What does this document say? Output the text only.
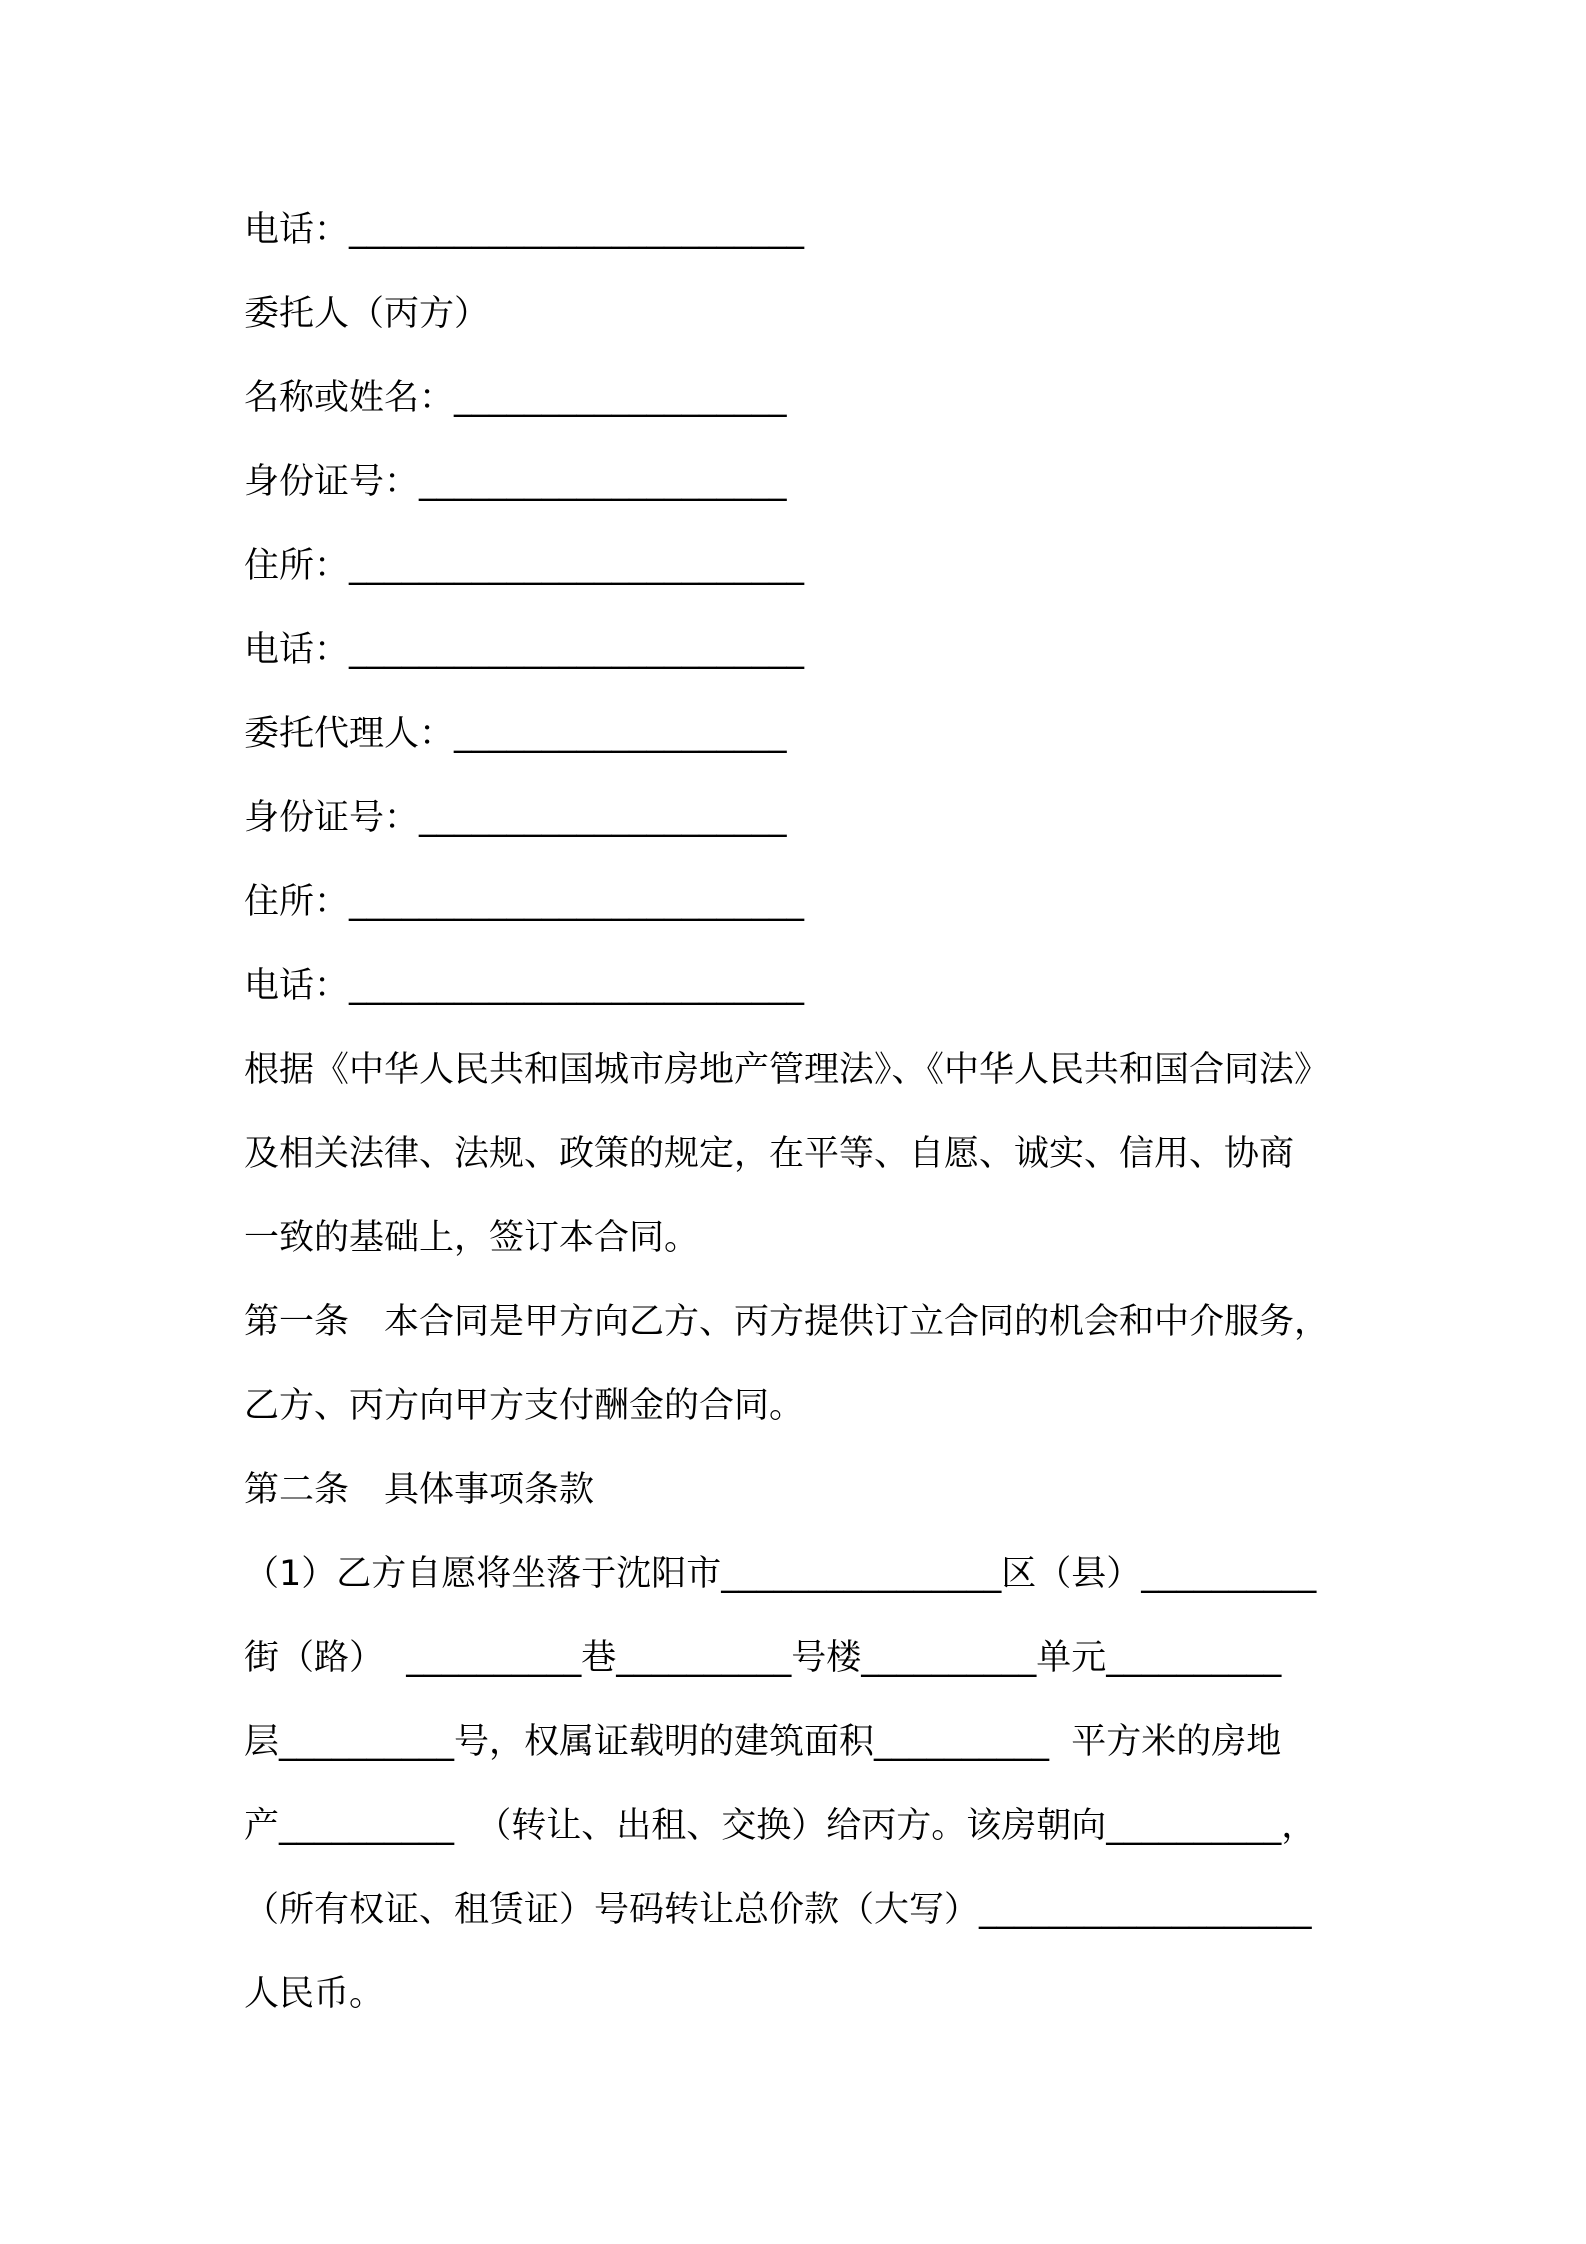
电话：__________________________
委托人（丙方）
名称或姓名：___________________
身份证号：_____________________
住所：__________________________
电话：__________________________
委托代理人：___________________
身份证号：_____________________
住所：__________________________
电话：__________________________
根据《中华人民共和国城市房地产管理法》、《中华人民共和国合同法》
及相关法律、法规、政策的规定，在平等、自愿、诚实、信用、协商
一致的基础上，签订本合同。
第一条　本合同是甲方向乙方、丙方提供订立合同的机会和中介服务，
乙方、丙方向甲方支付酬金的合同。
第二条　具体事项条款
（1）乙方自愿将坐落于沈阳市________________区（县）__________
街（路）  __________巷__________号楼__________单元__________
层__________号，权属证载明的建筑面积__________  平方米的房地
产__________  （转让、出租、交换）给丙方。该房朝向__________，
（所有权证、租赁证）号码转让总价款（大写）___________________
人民币。
